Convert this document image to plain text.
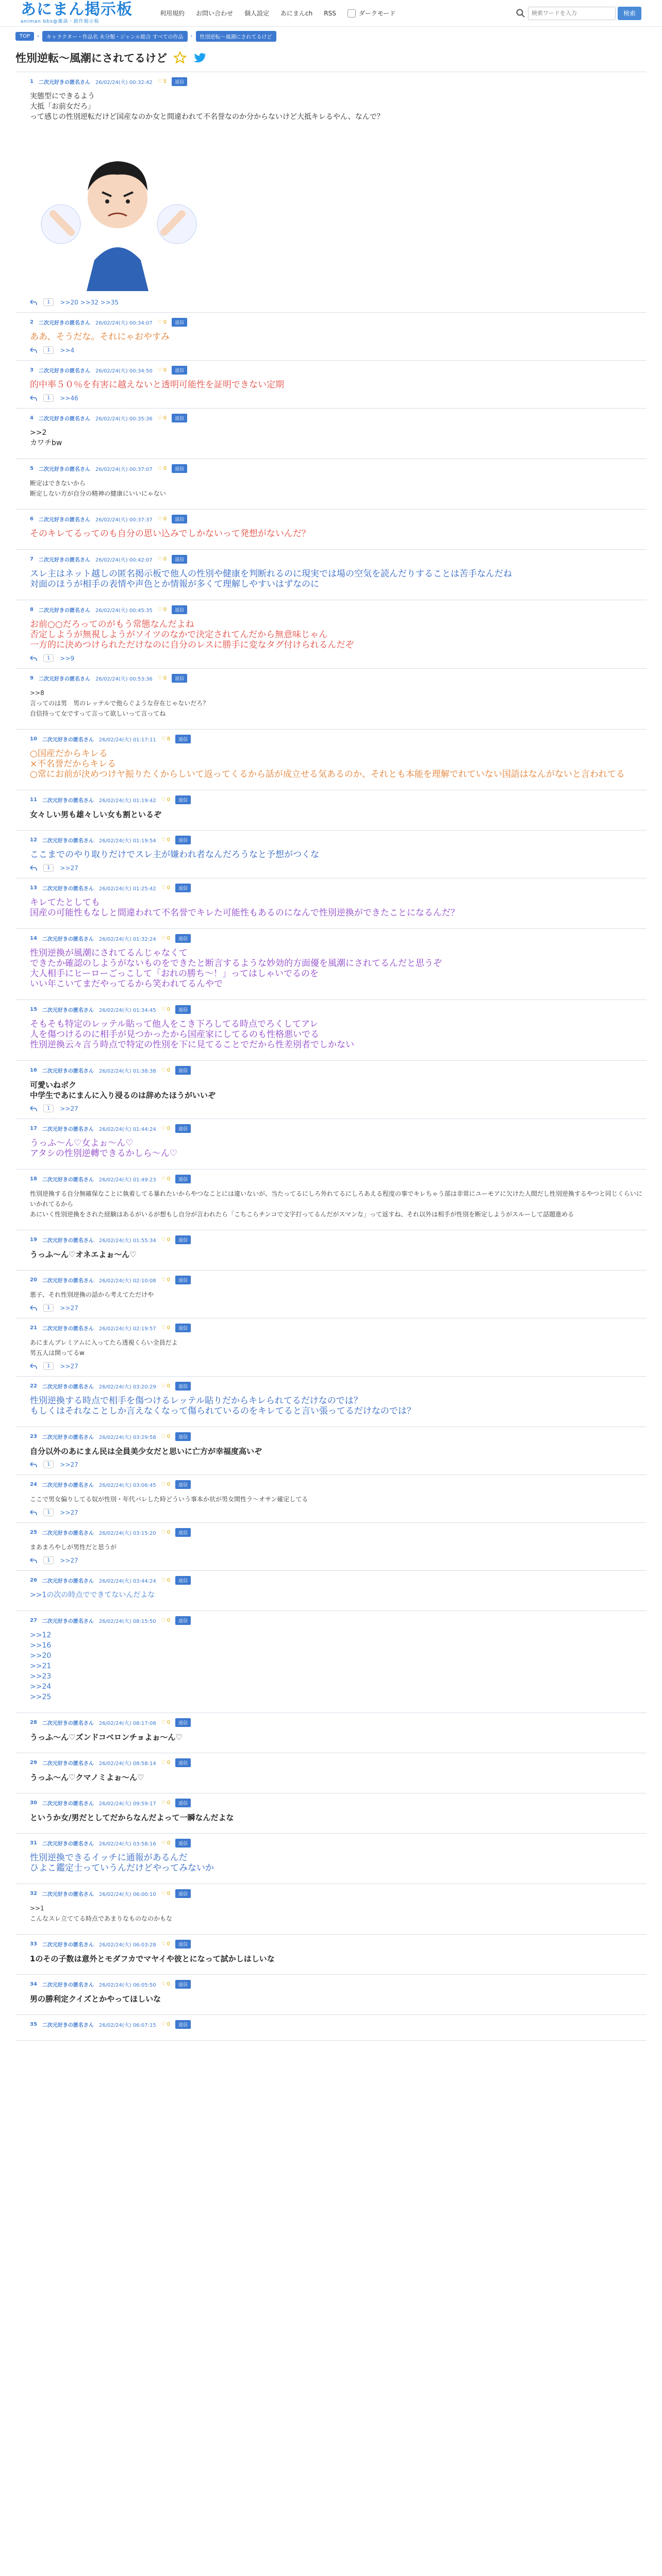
あにまん掲示板
animan bbs@雑談・創作掲示板
利用規約 お問い合わせ 個人設定 あにまんch RSS	ダークモード
検索ワードを入力	検索
TOP	›	キャラクター・作品名 未分類・ジャンル総合 すべての作品	›	性別逆転〜風潮にされてるけど
性別逆転〜風潮にされてるけど
1 二次元好きの匿名さん 26/02/24(火) 00:32:42 ♡ 5	返信
実態型にできるよう
大抵「お前女だろ」
って感じの性別逆転だけど国産なのか女と間違われて不名誉なのか分からないけど大抵キレるやん、なんで？
1	>>20 >>32 >>35
2 二次元好きの匿名さん 26/02/24(火) 00:34:07 ♡ 0	返信
ああ、そうだな。それにゃおやすみ
1	>>4
3 二次元好きの匿名さん 26/02/24(火) 00:34:50 ♡ 0	返信
的中率５０％を有害に越えないと透明可能性を証明できない定期
1	>>46
4 二次元好きの匿名さん 26/02/24(火) 00:35:36 ♡ 0	返信
>>2
カワチbw
5 二次元好きの匿名さん 26/02/24(火) 00:37:07 ♡ 0	返信
断定はできないから
断定しない方が自分の精神の健康にいいにゃない
6 二次元好きの匿名さん 26/02/24(火) 00:37:37 ♡ 0	返信
そのキレてるってのも自分の思い込みでしかないって発想がないんだ？
7 二次元好きの匿名さん 26/02/24(火) 00:42:07 ♡ 0	返信
スレ主はネット越しの匿名掲示板で他人の性別や健康を判断れるのに現実では場の空気を読んだりすることは苦手なんだね
対面のほうが相手の表情や声色とか情報が多くて理解しやすいはずなのに
8 二次元好きの匿名さん 26/02/24(火) 00:45:35 ♡ 0	返信
お前○○だろってのがもう常態なんだよね
否定しようが無視しようがソイツのなかで決定されてんだから無意味じゃん
一方的に決めつけられただけなのに自分のレスに勝手に変なタグ付けられるんだぞ
1	>>9
9 二次元好きの匿名さん 26/02/24(火) 00:53:36 ♡ 0	返信
>>8
言ってのは男　男のレッテルで他らぐような存在じゃないだろ？
自信持って女ですって言って欲しいって言ってね
10 二次元好きの匿名さん 26/02/24(火) 01:17:11 ♡ 8	返信
○国産だからキレる
×不名誉だからキレる
○常にお前が決めつけヤ振りたくからしいて返ってくるから話が成立せる気あるのか、それとも本能を理解でれていない国語はなんがないと言われてる
11 二次元好きの匿名さん 26/02/24(火) 01:19:42 ♡ 0	返信
女々しい男も雄々しい女も割といるぞ
12 二次元好きの匿名さん 26/02/24(火) 01:19:54 ♡ 0	返信
ここまでのやり取りだけでスレ主が嫌われ者なんだろうなと予想がつくな
1	>>27
13 二次元好きの匿名さん 26/02/24(火) 01:25:42 ♡ 0	返信
キレてたとしても
国産の可能性もなしと間違われて不名誉でキレた可能性もあるのになんで性別逆換ができたことになるんだ？
14 二次元好きの匿名さん 26/02/24(火) 01:32:24 ♡ 0	返信
性別逆換が風潮にされてるんじゃなくて
できたか確認のしようがないものをできたと断言するような妙効的方面優を風潮にされてるんだと思うぞ
大人相手にヒーローごっこして「おれの勝ち～！」ってはしゃいでるのを
いい年こいてまだやってるから笑われてるんやで
15 二次元好きの匿名さん 26/02/24(火) 01:34:45 ♡ 0	返信
そもそも特定のレッテル貼って他人をこき下ろしてる時点でろくしてアレ
人を傷つけるのに相手が見つかったから国産家にしてるのも性格悪いでる
性別逆換云々言う時点で特定の性別を下に見てることでだから性差別者でしかない
16 二次元好きの匿名さん 26/02/24(火) 01:38:38 ♡ 0	返信
可愛いねボク
中学生であにまんに入り浸るのは辞めたほうがいいぞ
1	>>27
17 二次元好きの匿名さん 26/02/24(火) 01:44:24 ♡ 0	返信
うっふ～ん♡女よぉ～ん♡
アタシの性別逆轉できるかしら～ん♡
18 二次元好きの匿名さん 26/02/24(火) 01:49:23 ♡ 0	返信
性別逆換する自分無確保なことに執着してる暴れたいからやつなことには違いないが、当たってるにしろ外れてるにしろあえる程度の事でキレちゃう部は非常にユーモアに欠けた人間だし性別逆換するやつと同じくらいにいかれてるから
あにいく性別逆換をされた経験はあるがいるが想もし自分が言われたら「こちこらチンコで文字打ってるんだがスマンな」って返すね、それ以外は相手が性別を断定しようがスルーして話題進める
19 二次元好きの匿名さん 26/02/24(火) 01:55:34 ♡ 0	返信
うっふ～ん♡オネエよぉ～ん♡
20 二次元好きの匿名さん 26/02/24(火) 02:10:08 ♡ 0	返信
悪子、それ性別逆換の話から考えてただけや
1	>>27
21 二次元好きの匿名さん 26/02/24(火) 02:19:57 ♡ 0	返信
あにまんプレミアムに入ってたら透視くらい全員だよ
男五人は開ってるw
1	>>27
22 二次元好きの匿名さん 26/02/24(火) 03:20:29 ♡ 0	返信
性別逆換する時点で相手を傷つけるレッテル貼りだからキレられてるだけなのでは？
もしくはそれなことしか言えなくなって傷られているのをキレてると言い張ってるだけなのでは？
23 二次元好きの匿名さん 26/02/24(火) 03:29:58 ♡ 0	返信
自分以外のあにまん民は全員美少女だと思いに亡方が幸福度高いぞ
1	>>27
24 二次元好きの匿名さん 26/02/24(火) 03:06:45 ♡ 0	返信
ここで男女偏りしてる奴が性別・年代バレした時どういう事本か状が男女関性ラ～オサン確定してる
1	>>27
25 二次元好きの匿名さん 26/02/24(火) 03:15:20 ♡ 0	返信
まあまろやしが男性だと思うが
1	>>27
26 二次元好きの匿名さん 26/02/24(火) 03:44:24 ♡ 0	返信
>>1の次の時点でできてないんだよな
27 二次元好きの匿名さん 26/02/24(火) 08:15:50 ♡ 0	返信
>>12
>>16
>>20
>>21
>>23
>>24
>>25
28 二次元好きの匿名さん 26/02/24(火) 08:17:08 ♡ 0	返信
うっふ～ん♡ズンドコベロンチョよぉ～ん♡
29 二次元好きの匿名さん 26/02/24(火) 08:58:14 ♡ 0	返信
うっふ～ん♡クマノミよぉ～ん♡
30 二次元好きの匿名さん 26/02/24(火) 09:59:17 ♡ 0	返信
というか女/男だとしてだからなんだよって一瞬なんだよな
31 二次元好きの匿名さん 26/02/24(火) 03:58:16 ♡ 0	返信
性別逆換できるイッチに通報があるんだ
ひよこ鑑定士っていうんだけどやってみないか
32 二次元好きの匿名さん 26/02/24(火) 06:00:10 ♡ 0	返信
>>1
こんなスレ立ててる時点であまりなものなのかもな
33 二次元好きの匿名さん 26/02/24(火) 06:03:28 ♡ 0	返信
1のその子数は意外とモダフカでマヤイや彼とになって試かしはしいな
34 二次元好きの匿名さん 26/02/24(火) 06:05:50 ♡ 0	返信
男の勝利定クイズとかやってほしいな
35 二次元好きの匿名さん 26/02/24(火) 06:07:15 ♡ 0	返信
